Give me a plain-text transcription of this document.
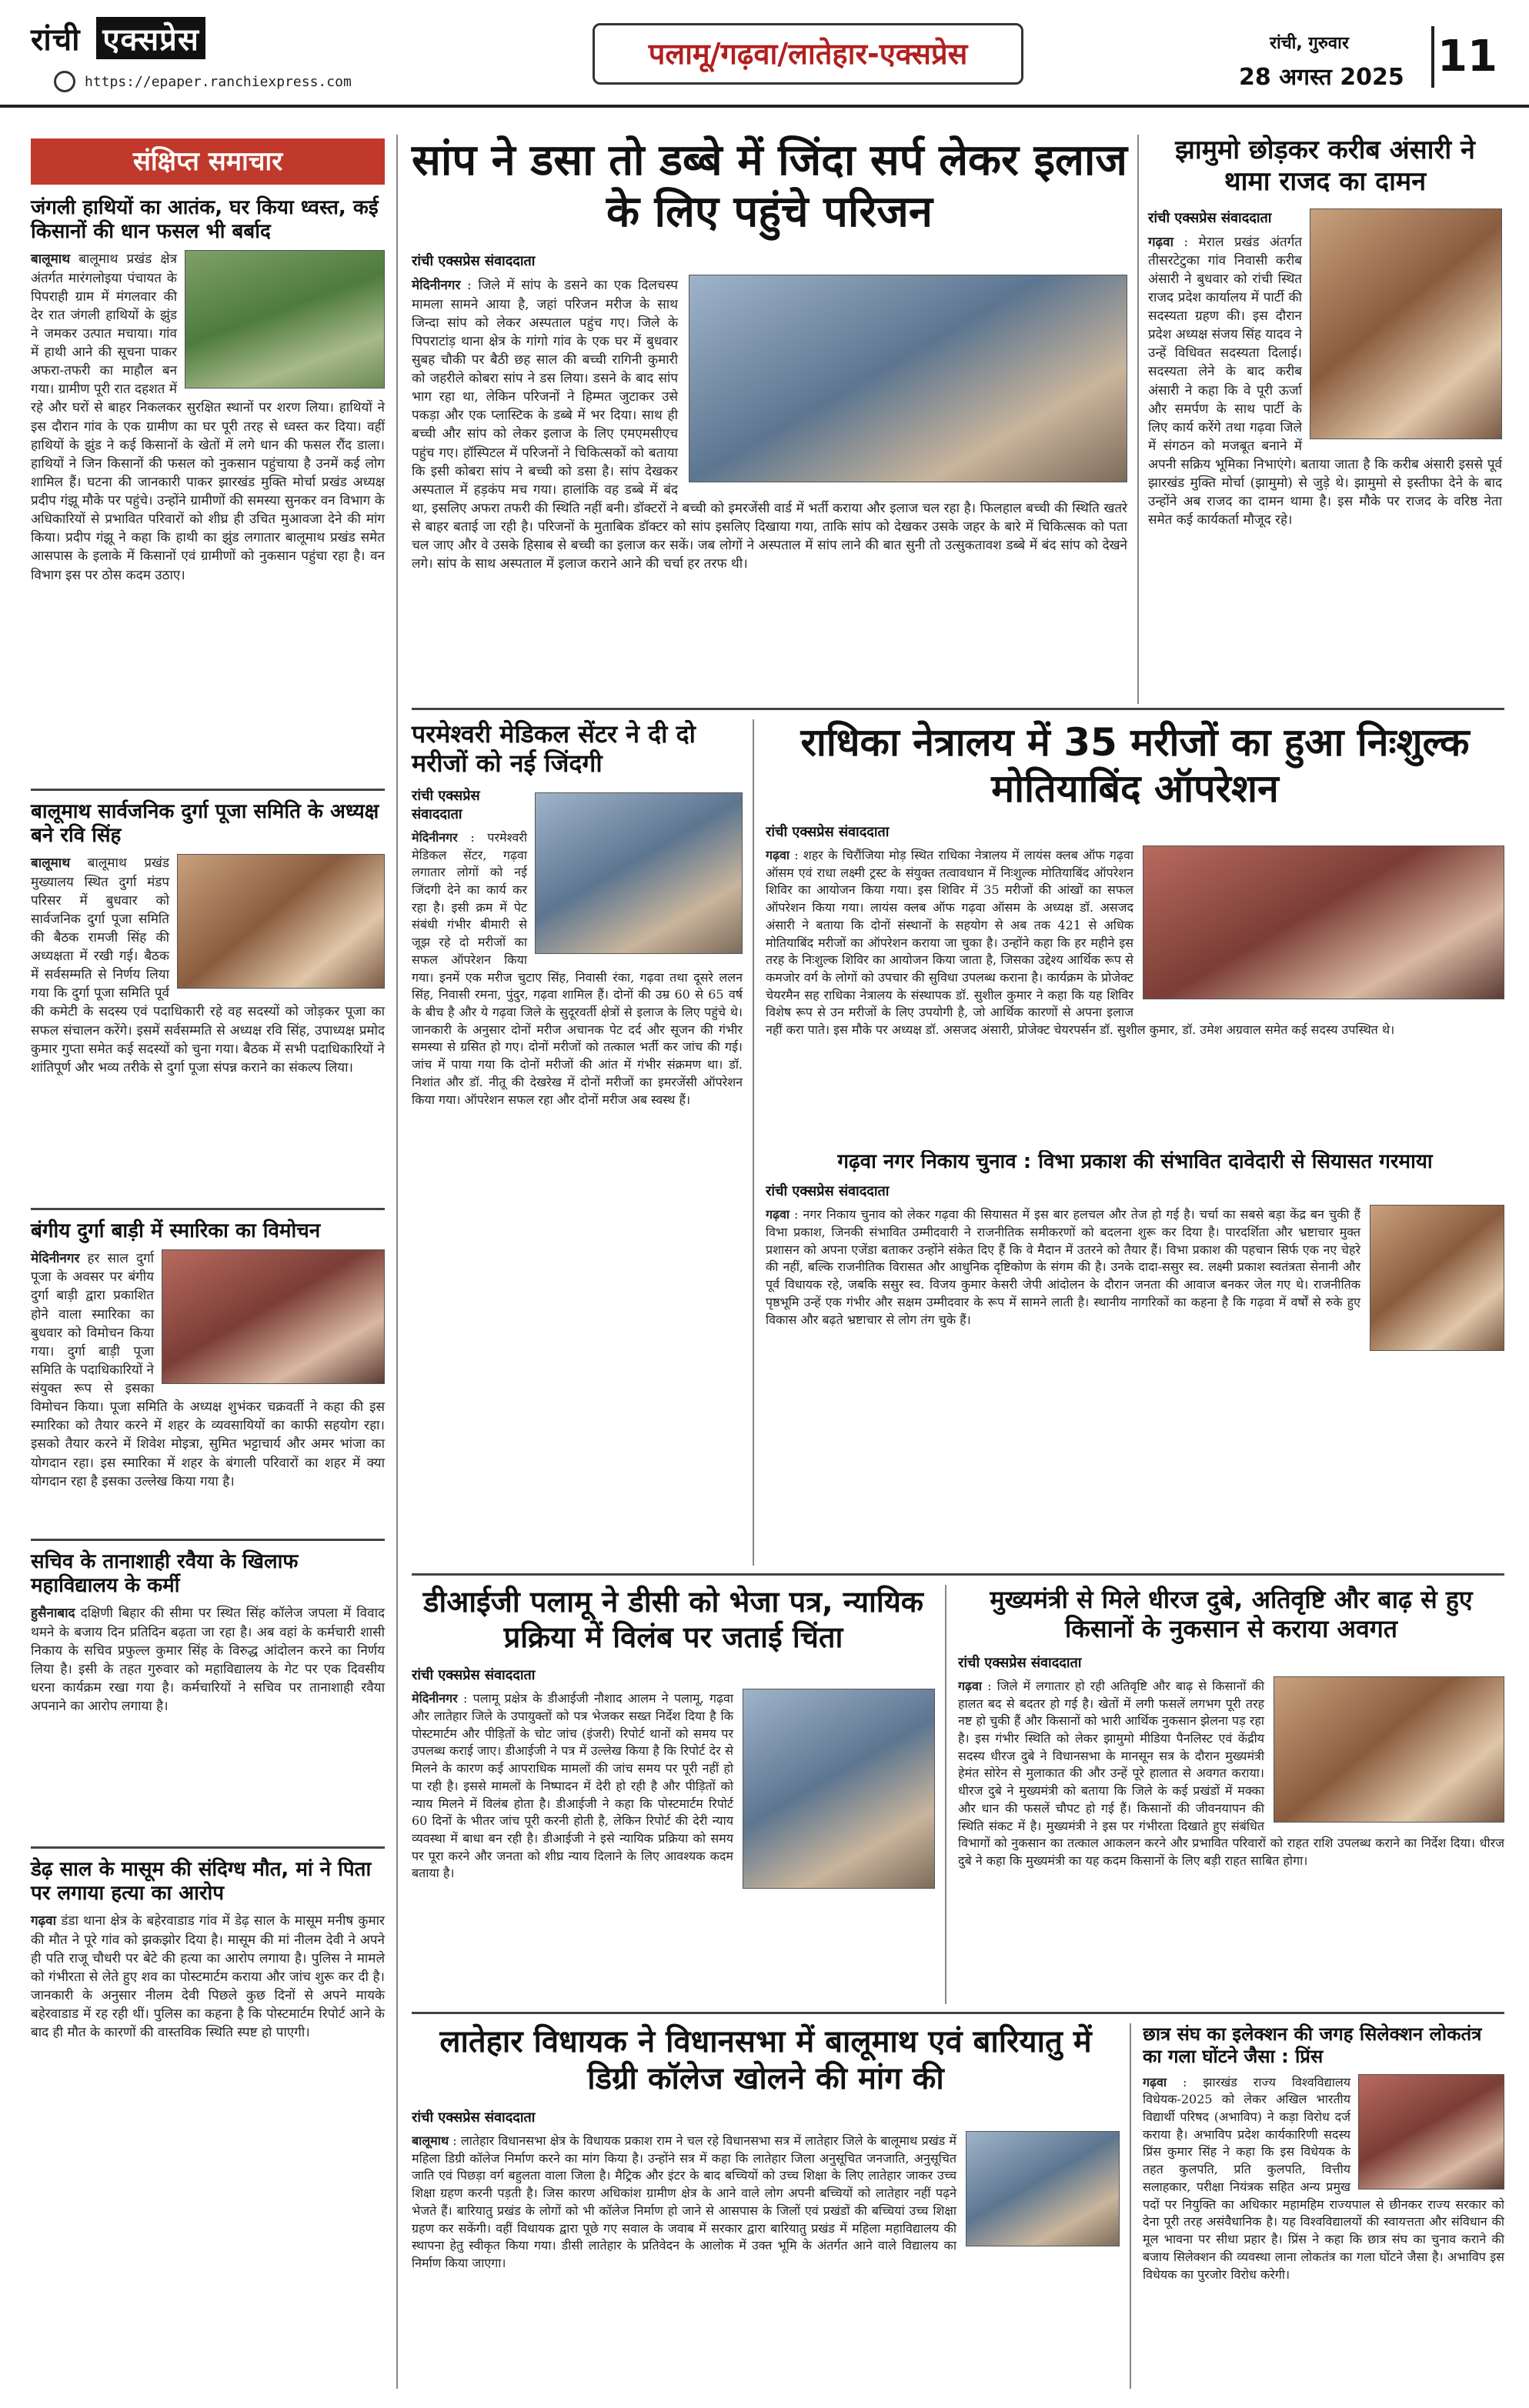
रांची एक्सप्रेस
https://epaper.ranchiexpress.com
पलामू/गढ़वा/लातेहार-एक्सप्रेस	रांची, गुरुवार
28 अगस्त 2025 11
संक्षिप्त समाचार
जंगली हाथियों का आतंक, घर किया ध्वस्त, कई किसानों की धान फसल भी बर्बाद

बालूमाथ बालूमाथ प्रखंड क्षेत्र अंतर्गत मारंगलोइया पंचायत के पिपराही ग्राम में मंगलवार की देर रात जंगली हाथियों के झुंड ने जमकर उत्पात मचाया। गांव में हाथी आने की सूचना पाकर अफरा-तफरी का माहौल बन गया। ग्रामीण पूरी रात दहशत में रहे और घरों से बाहर निकलकर सुरक्षित स्थानों पर शरण लिया। हाथियों ने इस दौरान गांव के एक ग्रामीण का घर पूरी तरह से ध्वस्त कर दिया। वहीं हाथियों के झुंड ने कई किसानों के खेतों में लगे धान की फसल रौंद डाला। हाथियों ने जिन किसानों की फसल को नुकसान पहुंचाया है उनमें कई लोग शामिल हैं। घटना की जानकारी पाकर झारखंड मुक्ति मोर्चा प्रखंड अध्यक्ष प्रदीप गंझू मौके पर पहुंचे। उन्होंने ग्रामीणों की समस्या सुनकर वन विभाग के अधिकारियों से प्रभावित परिवारों को शीघ्र ही उचित मुआवजा देने की मांग किया। प्रदीप गंझू ने कहा कि हाथी का झुंड लगातार बालूमाथ प्रखंड समेत आसपास के इलाके में किसानों एवं ग्रामीणों को नुकसान पहुंचा रहा है। वन विभाग इस पर ठोस कदम उठाए।

बालूमाथ सार्वजनिक दुर्गा पूजा समिति के अध्यक्ष बने रवि सिंह

बालूमाथ बालूमाथ प्रखंड मुख्यालय स्थित दुर्गा मंडप परिसर में बुधवार को सार्वजनिक दुर्गा पूजा समिति की बैठक रामजी सिंह की अध्यक्षता में रखी गई। बैठक में सर्वसम्मति से निर्णय लिया गया कि दुर्गा पूजा समिति पूर्व की कमेटी के सदस्य एवं पदाधिकारी रहे वह सदस्यों को जोड़कर पूजा का सफल संचालन करेंगे। इसमें सर्वसम्मति से अध्यक्ष रवि सिंह, उपाध्यक्ष प्रमोद कुमार गुप्ता समेत कई सदस्यों को चुना गया। बैठक में सभी पदाधिकारियों ने शांतिपूर्ण और भव्य तरीके से दुर्गा पूजा संपन्न कराने का संकल्प लिया।

बंगीय दुर्गा बाड़ी में स्मारिका का विमोचन

मेदिनीनगर हर साल दुर्गा पूजा के अवसर पर बंगीय दुर्गा बाड़ी द्वारा प्रकाशित होने वाला स्मारिका का बुधवार को विमोचन किया गया। दुर्गा बाड़ी पूजा समिति के पदाधिकारियों ने संयुक्त रूप से इसका विमोचन किया। पूजा समिति के अध्यक्ष शुभंकर चक्रवर्ती ने कहा की इस स्मारिका को तैयार करने में शहर के व्यवसायियों का काफी सहयोग रहा। इसको तैयार करने में शिवेश मोइत्रा, सुमित भट्टाचार्य और अमर भांजा का योगदान रहा। इस स्मारिका में शहर के बंगाली परिवारों का शहर में क्या योगदान रहा है इसका उल्लेख किया गया है।

सचिव के तानाशाही रवैया के खिलाफ महाविद्यालय के कर्मी

हुसैनाबाद दक्षिणी बिहार की सीमा पर स्थित सिंह कॉलेज जपला में विवाद थमने के बजाय दिन प्रतिदिन बढ़ता जा रहा है। अब वहां के कर्मचारी शासी निकाय के सचिव प्रफुल्ल कुमार सिंह के विरुद्ध आंदोलन करने का निर्णय लिया है। इसी के तहत गुरुवार को महाविद्यालय के गेट पर एक दिवसीय धरना कार्यक्रम रखा गया है। कर्मचारियों ने सचिव पर तानाशाही रवैया अपनाने का आरोप लगाया है।

डेढ़ साल के मासूम की संदिग्ध मौत, मां ने पिता पर लगाया हत्या का आरोप

गढ़वा डंडा थाना क्षेत्र के बहेरवाडाड गांव में डेढ़ साल के मासूम मनीष कुमार की मौत ने पूरे गांव को झकझोर दिया है। मासूम की मां नीलम देवी ने अपने ही पति राजू चौधरी पर बेटे की हत्या का आरोप लगाया है। पुलिस ने मामले को गंभीरता से लेते हुए शव का पोस्टमार्टम कराया और जांच शुरू कर दी है। जानकारी के अनुसार नीलम देवी पिछले कुछ दिनों से अपने मायके बहेरवाडाड में रह रही थीं। पुलिस का कहना है कि पोस्टमार्टम रिपोर्ट आने के बाद ही मौत के कारणों की वास्तविक स्थिति स्पष्ट हो पाएगी।

सांप ने डसा तो डब्बे में जिंदा सर्प लेकर इलाज के लिए पहुंचे परिजन
रांची एक्सप्रेस संवाददाता

मेदिनीनगर : जिले में सांप के डसने का एक दिलचस्प मामला सामने आया है, जहां परिजन मरीज के साथ जिन्दा सांप को लेकर अस्पताल पहुंच गए। जिले के पिपराटांड़ थाना क्षेत्र के गांगो गांव के एक घर में बुधवार सुबह चौकी पर बैठी छह साल की बच्ची रागिनी कुमारी को जहरीले कोबरा सांप ने डस लिया। डसने के बाद सांप भाग रहा था, लेकिन परिजनों ने हिम्मत जुटाकर उसे पकड़ा और एक प्लास्टिक के डब्बे में भर दिया। साथ ही बच्ची और सांप को लेकर इलाज के लिए एमएमसीएच पहुंच गए। हॉस्पिटल में परिजनों ने चिकित्सकों को बताया कि इसी कोबरा सांप ने बच्ची को डसा है। सांप देखकर अस्पताल में हड़कंप मच गया। हालांकि वह डब्बे में बंद था, इसलिए अफरा तफरी की स्थिति नहीं बनी। डॉक्टरों ने बच्ची को इमरजेंसी वार्ड में भर्ती कराया और इलाज चल रहा है। फिलहाल बच्ची की स्थिति खतरे से बाहर बताई जा रही है। परिजनों के मुताबिक डॉक्टर को सांप इसलिए दिखाया गया, ताकि सांप को देखकर उसके जहर के बारे में चिकित्सक को पता चल जाए और वे उसके हिसाब से बच्ची का इलाज कर सकें। जब लोगों ने अस्पताल में सांप लाने की बात सुनी तो उत्सुकतावश डब्बे में बंद सांप को देखने लगे। सांप के साथ अस्पताल में इलाज कराने आने की चर्चा हर तरफ थी।

झामुमो छोड़कर करीब अंसारी ने थामा राजद का दामन
रांची एक्सप्रेस संवाददाता

गढ़वा : मेराल प्रखंड अंतर्गत तीसरटेटुका गांव निवासी करीब अंसारी ने बुधवार को रांची स्थित राजद प्रदेश कार्यालय में पार्टी की सदस्यता ग्रहण की। इस दौरान प्रदेश अध्यक्ष संजय सिंह यादव ने उन्हें विधिवत सदस्यता दिलाई। सदस्यता लेने के बाद करीब अंसारी ने कहा कि वे पूरी ऊर्जा और समर्पण के साथ पार्टी के लिए कार्य करेंगे तथा गढ़वा जिले में संगठन को मजबूत बनाने में अपनी सक्रिय भूमिका निभाएंगे। बताया जाता है कि करीब अंसारी इससे पूर्व झारखंड मुक्ति मोर्चा (झामुमो) से जुड़े थे। झामुमो से इस्तीफा देने के बाद उन्होंने अब राजद का दामन थामा है। इस मौके पर राजद के वरिष्ठ नेता समेत कई कार्यकर्ता मौजूद रहे।

परमेश्वरी मेडिकल सेंटर ने दी दो मरीजों को नई जिंदगी
रांची एक्सप्रेस संवाददाता

मेदिनीनगर : परमेश्वरी मेडिकल सेंटर, गढ़वा लगातार लोगों को नई जिंदगी देने का कार्य कर रहा है। इसी क्रम में पेट संबंधी गंभीर बीमारी से जूझ रहे दो मरीजों का सफल ऑपरेशन किया गया। इनमें एक मरीज चुटाए सिंह, निवासी रंका, गढ़वा तथा दूसरे ललन सिंह, निवासी रमना, पुंदुर, गढ़वा शामिल हैं। दोनों की उम्र 60 से 65 वर्ष के बीच है और ये गढ़वा जिले के सुदूरवर्ती क्षेत्रों से इलाज के लिए पहुंचे थे। जानकारी के अनुसार दोनों मरीज अचानक पेट दर्द और सूजन की गंभीर समस्या से ग्रसित हो गए। दोनों मरीजों को तत्काल भर्ती कर जांच की गई। जांच में पाया गया कि दोनों मरीजों की आंत में गंभीर संक्रमण था। डॉ. निशांत और डॉ. नीतू की देखरेख में दोनों मरीजों का इमरजेंसी ऑपरेशन किया गया। ऑपरेशन सफल रहा और दोनों मरीज अब स्वस्थ हैं।

राधिका नेत्रालय में 35 मरीजों का हुआ निःशुल्क मोतियाबिंद ऑपरेशन
रांची एक्सप्रेस संवाददाता

गढ़वा : शहर के चिरौंजिया मोड़ स्थित राधिका नेत्रालय में लायंस क्लब ऑफ गढ़वा ऑसम एवं राधा लक्ष्मी ट्रस्ट के संयुक्त तत्वावधान में निःशुल्क मोतियाबिंद ऑपरेशन शिविर का आयोजन किया गया। इस शिविर में 35 मरीजों की आंखों का सफल ऑपरेशन किया गया। लायंस क्लब ऑफ गढ़वा ऑसम के अध्यक्ष डॉ. असजद अंसारी ने बताया कि दोनों संस्थानों के सहयोग से अब तक 421 से अधिक मोतियाबिंद मरीजों का ऑपरेशन कराया जा चुका है। उन्होंने कहा कि हर महीने इस तरह के निःशुल्क शिविर का आयोजन किया जाता है, जिसका उद्देश्य आर्थिक रूप से कमजोर वर्ग के लोगों को उपचार की सुविधा उपलब्ध कराना है। कार्यक्रम के प्रोजेक्ट चेयरमैन सह राधिका नेत्रालय के संस्थापक डॉ. सुशील कुमार ने कहा कि यह शिविर विशेष रूप से उन मरीजों के लिए उपयोगी है, जो आर्थिक कारणों से अपना इलाज नहीं करा पाते। इस मौके पर अध्यक्ष डॉ. असजद अंसारी, प्रोजेक्ट चेयरपर्सन डॉ. सुशील कुमार, डॉ. उमेश अग्रवाल समेत कई सदस्य उपस्थित थे।

गढ़वा नगर निकाय चुनाव : विभा प्रकाश की संभावित दावेदारी से सियासत गरमाया
रांची एक्सप्रेस संवाददाता

गढ़वा : नगर निकाय चुनाव को लेकर गढ़वा की सियासत में इस बार हलचल और तेज हो गई है। चर्चा का सबसे बड़ा केंद्र बन चुकी हैं विभा प्रकाश, जिनकी संभावित उम्मीदवारी ने राजनीतिक समीकरणों को बदलना शुरू कर दिया है। पारदर्शिता और भ्रष्टाचार मुक्त प्रशासन को अपना एजेंडा बताकर उन्होंने संकेत दिए हैं कि वे मैदान में उतरने को तैयार हैं। विभा प्रकाश की पहचान सिर्फ एक नए चेहरे की नहीं, बल्कि राजनीतिक विरासत और आधुनिक दृष्टिकोण के संगम की है। उनके दादा-ससुर स्व. लक्ष्मी प्रकाश स्वतंत्रता सेनानी और पूर्व विधायक रहे, जबकि ससुर स्व. विजय कुमार केसरी जेपी आंदोलन के दौरान जनता की आवाज बनकर जेल गए थे। राजनीतिक पृष्ठभूमि उन्हें एक गंभीर और सक्षम उम्मीदवार के रूप में सामने लाती है। स्थानीय नागरिकों का कहना है कि गढ़वा में वर्षों से रुके हुए विकास और बढ़ते भ्रष्टाचार से लोग तंग चुके हैं।

डीआईजी पलामू ने डीसी को भेजा पत्र, न्यायिक प्रक्रिया में विलंब पर जताई चिंता
रांची एक्सप्रेस संवाददाता

मेदिनीनगर : पलामू प्रक्षेत्र के डीआईजी नौशाद आलम ने पलामू, गढ़वा और लातेहार जिले के उपायुक्तों को पत्र भेजकर सख्त निर्देश दिया है कि पोस्टमार्टम और पीड़ितों के चोट जांच (इंजरी) रिपोर्ट थानों को समय पर उपलब्ध कराई जाए। डीआईजी ने पत्र में उल्लेख किया है कि रिपोर्ट देर से मिलने के कारण कई आपराधिक मामलों की जांच समय पर पूरी नहीं हो पा रही है। इससे मामलों के निष्पादन में देरी हो रही है और पीड़ितों को न्याय मिलने में विलंब होता है। डीआईजी ने कहा कि पोस्टमार्टम रिपोर्ट 60 दिनों के भीतर जांच पूरी करनी होती है, लेकिन रिपोर्ट की देरी न्याय व्यवस्था में बाधा बन रही है। डीआईजी ने इसे न्यायिक प्रक्रिया को समय पर पूरा करने और जनता को शीघ्र न्याय दिलाने के लिए आवश्यक कदम बताया है।

मुख्यमंत्री से मिले धीरज दुबे, अतिवृष्टि और बाढ़ से हुए किसानों के नुकसान से कराया अवगत
रांची एक्सप्रेस संवाददाता

गढ़वा : जिले में लगातार हो रही अतिवृष्टि और बाढ़ से किसानों की हालत बद से बदतर हो गई है। खेतों में लगी फसलें लगभग पूरी तरह नष्ट हो चुकी हैं और किसानों को भारी आर्थिक नुकसान झेलना पड़ रहा है। इस गंभीर स्थिति को लेकर झामुमो मीडिया पैनलिस्ट एवं केंद्रीय सदस्य धीरज दुबे ने विधानसभा के मानसून सत्र के दौरान मुख्यमंत्री हेमंत सोरेन से मुलाकात की और उन्हें पूरे हालात से अवगत कराया। धीरज दुबे ने मुख्यमंत्री को बताया कि जिले के कई प्रखंडों में मक्का और धान की फसलें चौपट हो गई हैं। किसानों की जीवनयापन की स्थिति संकट में है। मुख्यमंत्री ने इस पर गंभीरता दिखाते हुए संबंधित विभागों को नुकसान का तत्काल आकलन करने और प्रभावित परिवारों को राहत राशि उपलब्ध कराने का निर्देश दिया। धीरज दुबे ने कहा कि मुख्यमंत्री का यह कदम किसानों के लिए बड़ी राहत साबित होगा।

लातेहार विधायक ने विधानसभा में बालूमाथ एवं बारियातु में डिग्री कॉलेज खोलने की मांग की
रांची एक्सप्रेस संवाददाता

बालूमाथ : लातेहार विधानसभा क्षेत्र के विधायक प्रकाश राम ने चल रहे विधानसभा सत्र में लातेहार जिले के बालूमाथ प्रखंड में महिला डिग्री कॉलेज निर्माण करने का मांग किया है। उन्होंने सत्र में कहा कि लातेहार जिला अनुसूचित जनजाति, अनुसूचित जाति एवं पिछड़ा वर्ग बहुलता वाला जिला है। मैट्रिक और इंटर के बाद बच्चियों को उच्च शिक्षा के लिए लातेहार जाकर उच्च शिक्षा ग्रहण करनी पड़ती है। जिस कारण अधिकांश ग्रामीण क्षेत्र के आने वाले लोग अपनी बच्चियों को लातेहार नहीं पढ़ने भेजते हैं। बारियातु प्रखंड के लोगों को भी कॉलेज निर्माण हो जाने से आसपास के जिलों एवं प्रखंडों की बच्चियां उच्च शिक्षा ग्रहण कर सकेंगी। वहीं विधायक द्वारा पूछे गए सवाल के जवाब में सरकार द्वारा बारियातु प्रखंड में महिला महाविद्यालय की स्थापना हेतु स्वीकृत किया गया। डीसी लातेहार के प्रतिवेदन के आलोक में उक्त भूमि के अंतर्गत आने वाले विद्यालय का निर्माण किया जाएगा।

छात्र संघ का इलेक्शन की जगह सिलेक्शन लोकतंत्र का गला घोंटने जैसा : प्रिंस

गढ़वा : झारखंड राज्य विश्वविद्यालय विधेयक-2025 को लेकर अखिल भारतीय विद्यार्थी परिषद (अभाविप) ने कड़ा विरोध दर्ज कराया है। अभाविप प्रदेश कार्यकारिणी सदस्य प्रिंस कुमार सिंह ने कहा कि इस विधेयक के तहत कुलपति, प्रति कुलपति, वित्तीय सलाहकार, परीक्षा नियंत्रक सहित अन्य प्रमुख पदों पर नियुक्ति का अधिकार महामहिम राज्यपाल से छीनकर राज्य सरकार को देना पूरी तरह असंवैधानिक है। यह विश्वविद्यालयों की स्वायत्तता और संविधान की मूल भावना पर सीधा प्रहार है। प्रिंस ने कहा कि छात्र संघ का चुनाव कराने की बजाय सिलेक्शन की व्यवस्था लाना लोकतंत्र का गला घोंटने जैसा है। अभाविप इस विधेयक का पुरजोर विरोध करेगी।
